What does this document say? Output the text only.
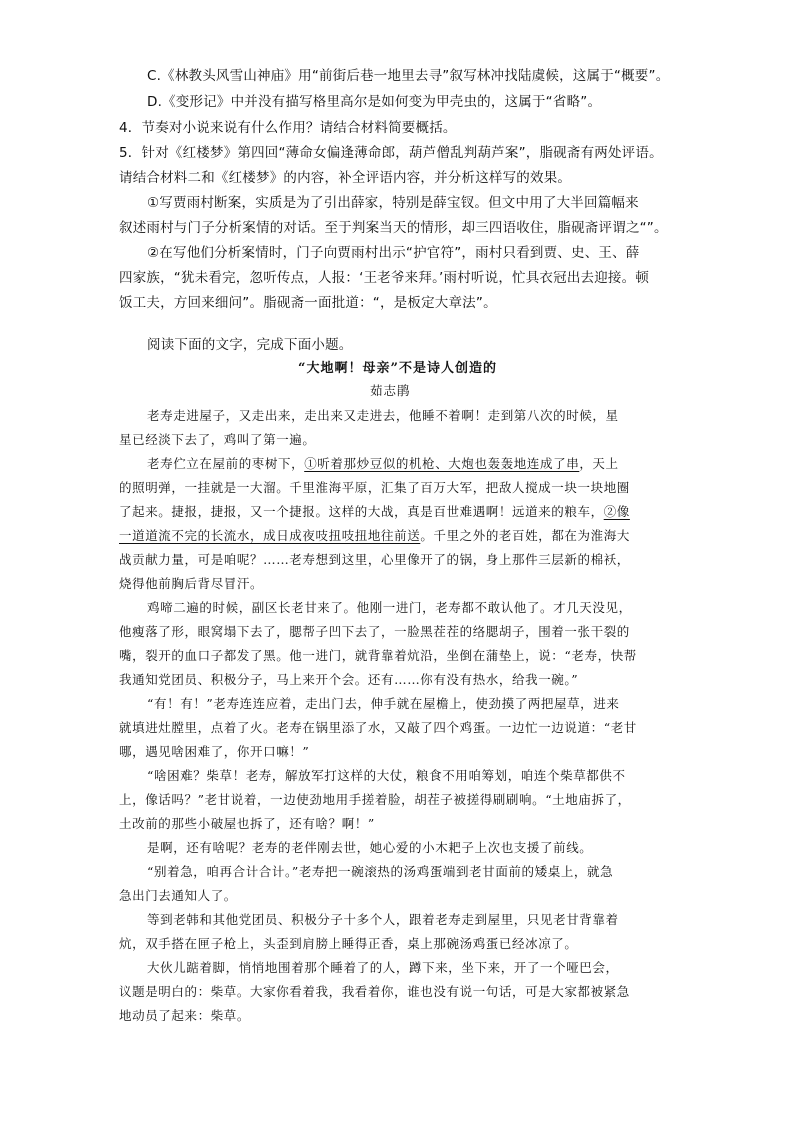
C.《林教头风雪山神庙》用“前街后巷一地里去寻”叙写林冲找陆虞候，这属于“概要”。

D.《变形记》中并没有描写格里高尔是如何变为甲壳虫的，这属于“省略”。

4．节奏对小说来说有什么作用？请结合材料简要概括。

5．针对《红楼梦》第四回“薄命女偏逢薄命郎，葫芦僧乱判葫芦案”，脂砚斋有两处评语。

请结合材料二和《红楼梦》的内容，补全评语内容，并分析这样写的效果。

①写贾雨村断案，实质是为了引出薛家，特别是薛宝钗。但文中用了大半回篇幅来

叙述雨村与门子分析案情的对话。至于判案当天的情形，却三四语收住，脂砚斋评谓之“”。

②在写他们分析案情时，门子向贾雨村出示“护官符”，雨村只看到贾、史、王、薛

四家族，“犹未看完，忽听传点，人报：‘王老爷来拜。’雨村听说，忙具衣冠出去迎接。顿

饭工夫，方回来细问”。脂砚斋一面批道：“，是板定大章法”。

阅读下面的文字，完成下面小题。

“大地啊！母亲”不是诗人创造的

茹志鹃

老寿走进屋子，又走出来，走出来又走进去，他睡不着啊！走到第八次的时候，星

星已经淡下去了，鸡叫了第一遍。

老寿伫立在屋前的枣树下，①听着那炒豆似的机枪、大炮也轰轰地连成了串，天上

的照明弹，一挂就是一大溜。千里淮海平原，汇集了百万大军，把敌人搅成一块一块地圈

了起来。捷报，捷报，又一个捷报。这样的大战，真是百世难遇啊！远道来的粮车，②像

一道道流不完的长流水，成日成夜吱扭吱扭地往前送。千里之外的老百姓，都在为淮海大

战贡献力量，可是咱呢？……老寿想到这里，心里像开了的锅，身上那件三层新的棉袄，

烧得他前胸后背尽冒汗。

鸡啼二遍的时候，副区长老甘来了。他刚一进门，老寿都不敢认他了。才几天没见，

他瘦落了形，眼窝塌下去了，腮帮子凹下去了，一脸黑茬茬的络腮胡子，围着一张干裂的

嘴，裂开的血口子都发了黑。他一进门，就背靠着炕沿，坐倒在蒲垫上，说：“老寿，快帮

我通知党团员、积极分子，马上来开个会。还有……你有没有热水，给我一碗。”

“有！有！”老寿连连应着，走出门去，伸手就在屋檐上，使劲摸了两把屋草，进来

就填进灶膛里，点着了火。老寿在锅里添了水，又敲了四个鸡蛋。一边忙一边说道：“老甘

哪，遇见啥困难了，你开口嘛！”

“啥困难？柴草！老寿，解放军打这样的大仗，粮食不用咱筹划，咱连个柴草都供不

上，像话吗？”老甘说着，一边使劲地用手搓着脸，胡茬子被搓得刷刷响。“土地庙拆了，

土改前的那些小破屋也拆了，还有啥？啊！”

是啊，还有啥呢？老寿的老伴刚去世，她心爱的小木耙子上次也支援了前线。

“别着急，咱再合计合计。”老寿把一碗滚热的汤鸡蛋端到老甘面前的矮桌上，就急

急出门去通知人了。

等到老韩和其他党团员、积极分子十多个人，跟着老寿走到屋里，只见老甘背靠着

炕，双手搭在匣子枪上，头歪到肩膀上睡得正香，桌上那碗汤鸡蛋已经冰凉了。

大伙儿踮着脚，悄悄地围着那个睡着了的人，蹲下来，坐下来，开了一个哑巴会，

议题是明白的：柴草。大家你看着我，我看着你，谁也没有说一句话，可是大家都被紧急

地动员了起来：柴草。
